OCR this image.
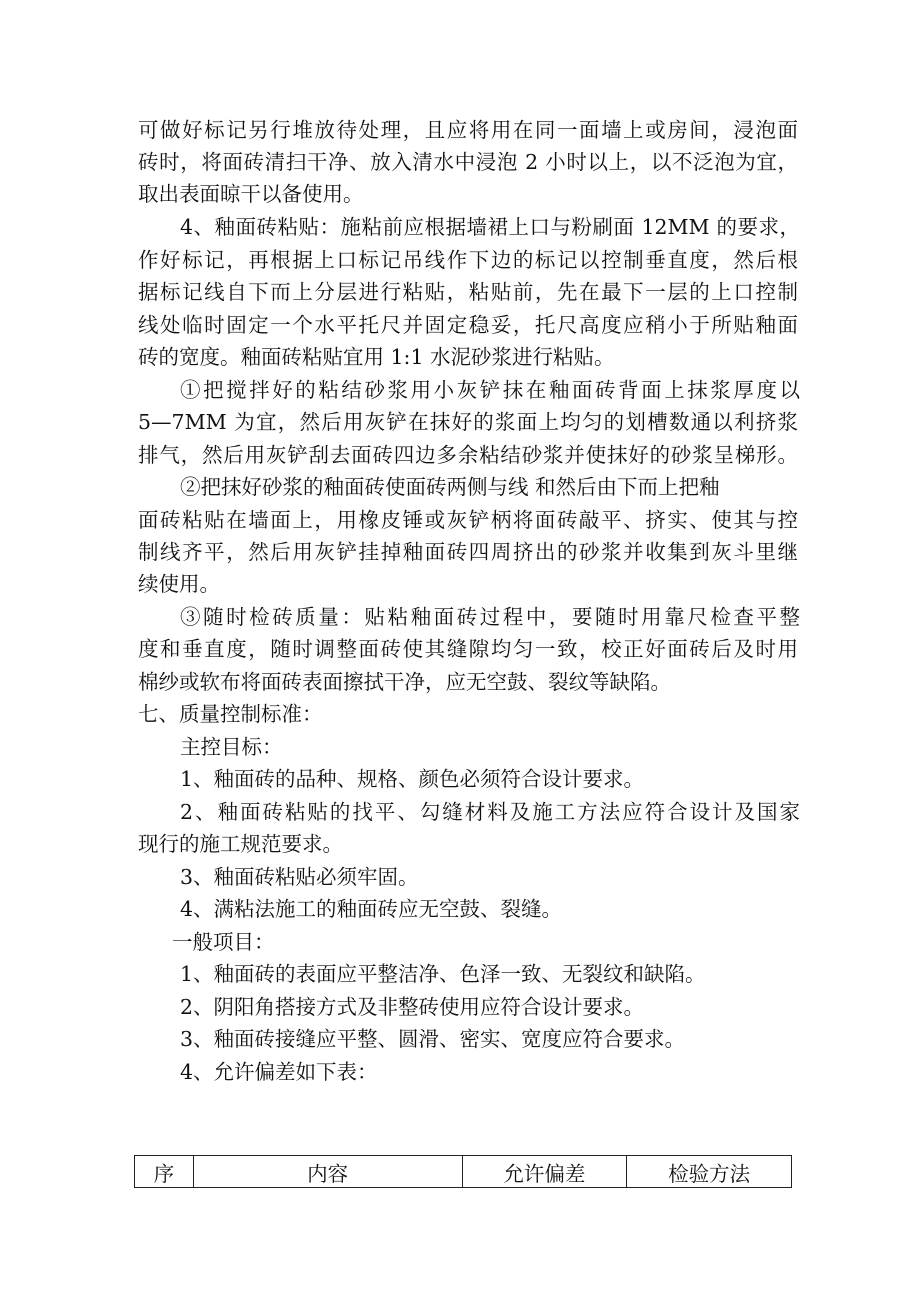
可做好标记另行堆放待处理，且应将用在同一面墙上或房间，浸泡面
砖时，将面砖清扫干净、放入清水中浸泡 2 小时以上，以不泛泡为宜，
取出表面晾干以备使用。
4、釉面砖粘贴：施粘前应根据墙裙上口与粉刷面 12MM 的要求，
作好标记，再根据上口标记吊线作下边的标记以控制垂直度，然后根
据标记线自下而上分层进行粘贴，粘贴前，先在最下一层的上口控制
线处临时固定一个水平托尺并固定稳妥，托尺高度应稍小于所贴釉面
砖的宽度。釉面砖粘贴宜用 1:1 水泥砂浆进行粘贴。
①把搅拌好的粘结砂浆用小灰铲抹在釉面砖背面上抹浆厚度以
5—7MM 为宜，然后用灰铲在抹好的浆面上均匀的划槽数通以利挤浆
排气，然后用灰铲刮去面砖四边多余粘结砂浆并使抹好的砂浆呈梯形。
②把抹好砂浆的釉面砖使面砖两侧与线 和然后由下而上把釉
面砖粘贴在墙面上，用橡皮锤或灰铲柄将面砖敲平、挤实、使其与控
制线齐平，然后用灰铲挂掉釉面砖四周挤出的砂浆并收集到灰斗里继
续使用。
③随时检砖质量：贴粘釉面砖过程中，要随时用靠尺检查平整
度和垂直度，随时调整面砖使其缝隙均匀一致，校正好面砖后及时用
棉纱或软布将面砖表面擦拭干净，应无空鼓、裂纹等缺陷。
七、质量控制标准：
主控目标：
1、釉面砖的品种、规格、颜色必须符合设计要求。
2、釉面砖粘贴的找平、勾缝材料及施工方法应符合设计及国家
现行的施工规范要求。
3、釉面砖粘贴必须牢固。
4、满粘法施工的釉面砖应无空鼓、裂缝。
一般项目：
1、釉面砖的表面应平整洁净、色泽一致、无裂纹和缺陷。
2、阴阳角搭接方式及非整砖使用应符合设计要求。
3、釉面砖接缝应平整、圆滑、密实、宽度应符合要求。
4、允许偏差如下表：
序	内容	允许偏差	检验方法
